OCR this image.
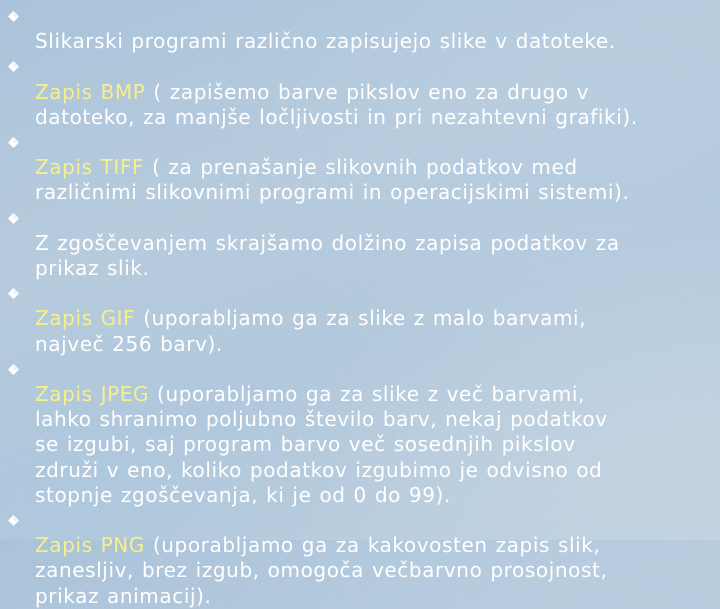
Slikarski programi različno zapisujejo slike v datoteke.

Zapis BMP ( zapišemo barve pikslov eno za drugo v
datoteko, za manjše ločljivosti in pri nezahtevni grafiki).

Zapis TIFF ( za prenašanje slikovnih podatkov med
različnimi slikovnimi programi in operacijskimi sistemi).

Z zgoščevanjem skrajšamo dolžino zapisa podatkov za
prikaz slik.

Zapis GIF (uporabljamo ga za slike z malo barvami,
največ 256 barv).

Zapis JPEG (uporabljamo ga za slike z več barvami,
lahko shranimo poljubno število barv, nekaj podatkov
se izgubi, saj program barvo več sosednjih pikslov
združi v eno, koliko podatkov izgubimo je odvisno od
stopnje zgoščevanja, ki je od 0 do 99).

Zapis PNG (uporabljamo ga za kakovosten zapis slik,
zanesljiv, brez izgub, omogoča večbarvno prosojnost,
prikaz animacij).
